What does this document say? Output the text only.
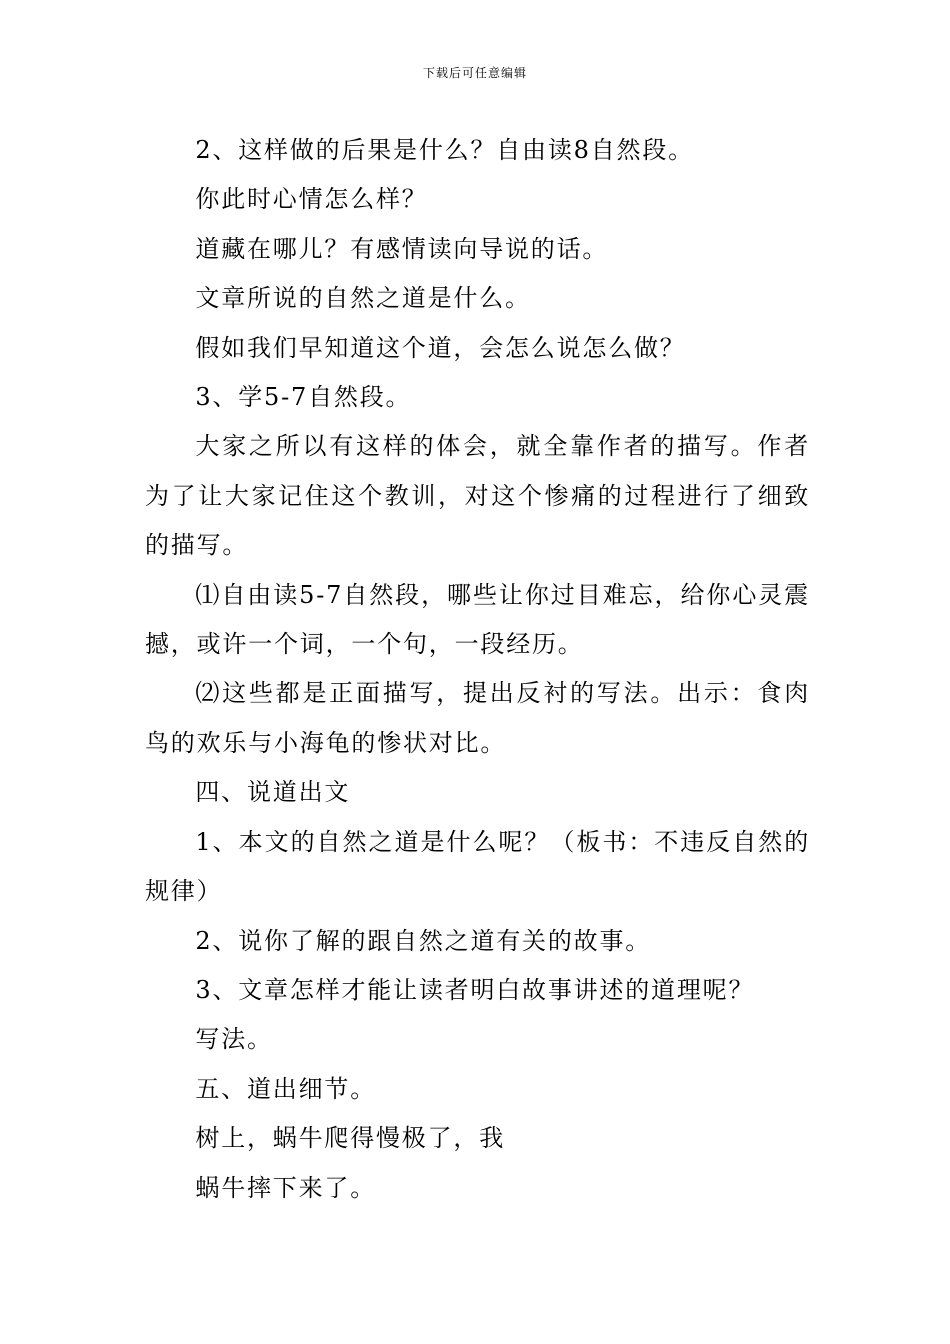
下载后可任意编辑

2、这样做的后果是什么？自由读8自然段。

你此时心情怎么样？

道藏在哪儿？有感情读向导说的话。

文章所说的自然之道是什么。

假如我们早知道这个道，会怎么说怎么做？

3、学5-7自然段。

大家之所以有这样的体会，就全靠作者的描写。作者为了让大家记住这个教训，对这个惨痛的过程进行了细致的描写。

⑴自由读5-7自然段，哪些让你过目难忘，给你心灵震撼，或许一个词，一个句，一段经历。

⑵这些都是正面描写，提出反衬的写法。出示：食肉鸟的欢乐与小海龟的惨状对比。

四、说道出文

1、本文的自然之道是什么呢？（板书：不违反自然的规律）

2、说你了解的跟自然之道有关的故事。

3、文章怎样才能让读者明白故事讲述的道理呢？

写法。

五、道出细节。

树上，蜗牛爬得慢极了，我

蜗牛摔下来了。
